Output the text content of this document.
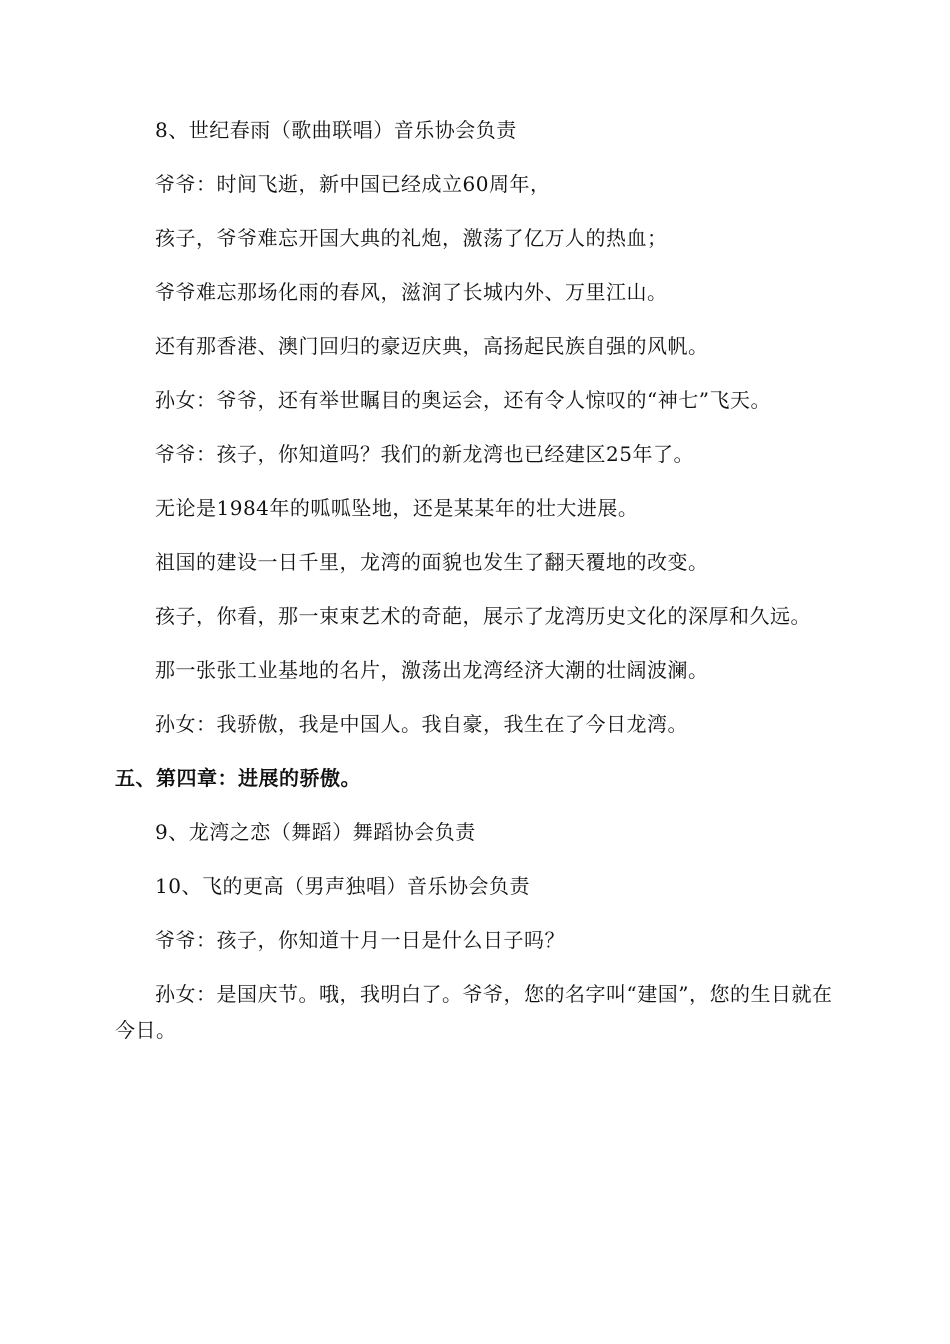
8、世纪春雨（歌曲联唱）音乐协会负责

爷爷：时间飞逝，新中国已经成立60周年，

孩子，爷爷难忘开国大典的礼炮，激荡了亿万人的热血；

爷爷难忘那场化雨的春风，滋润了长城内外、万里江山。

还有那香港、澳门回归的豪迈庆典，高扬起民族自强的风帆。

孙女：爷爷，还有举世瞩目的奥运会，还有令人惊叹的“神七”飞天。

爷爷：孩子，你知道吗？我们的新龙湾也已经建区25年了。

无论是1984年的呱呱坠地，还是某某年的壮大进展。

祖国的建设一日千里，龙湾的面貌也发生了翻天覆地的改变。

孩子，你看，那一束束艺术的奇葩，展示了龙湾历史文化的深厚和久远。

那一张张工业基地的名片，激荡出龙湾经济大潮的壮阔波澜。

孙女：我骄傲，我是中国人。我自豪，我生在了今日龙湾。

五、第四章：进展的骄傲。

9、龙湾之恋（舞蹈）舞蹈协会负责

10、飞的更高（男声独唱）音乐协会负责

爷爷：孩子，你知道十月一日是什么日子吗？

孙女：是国庆节。哦，我明白了。爷爷，您的名字叫“建国”，您的生日就在今日。
